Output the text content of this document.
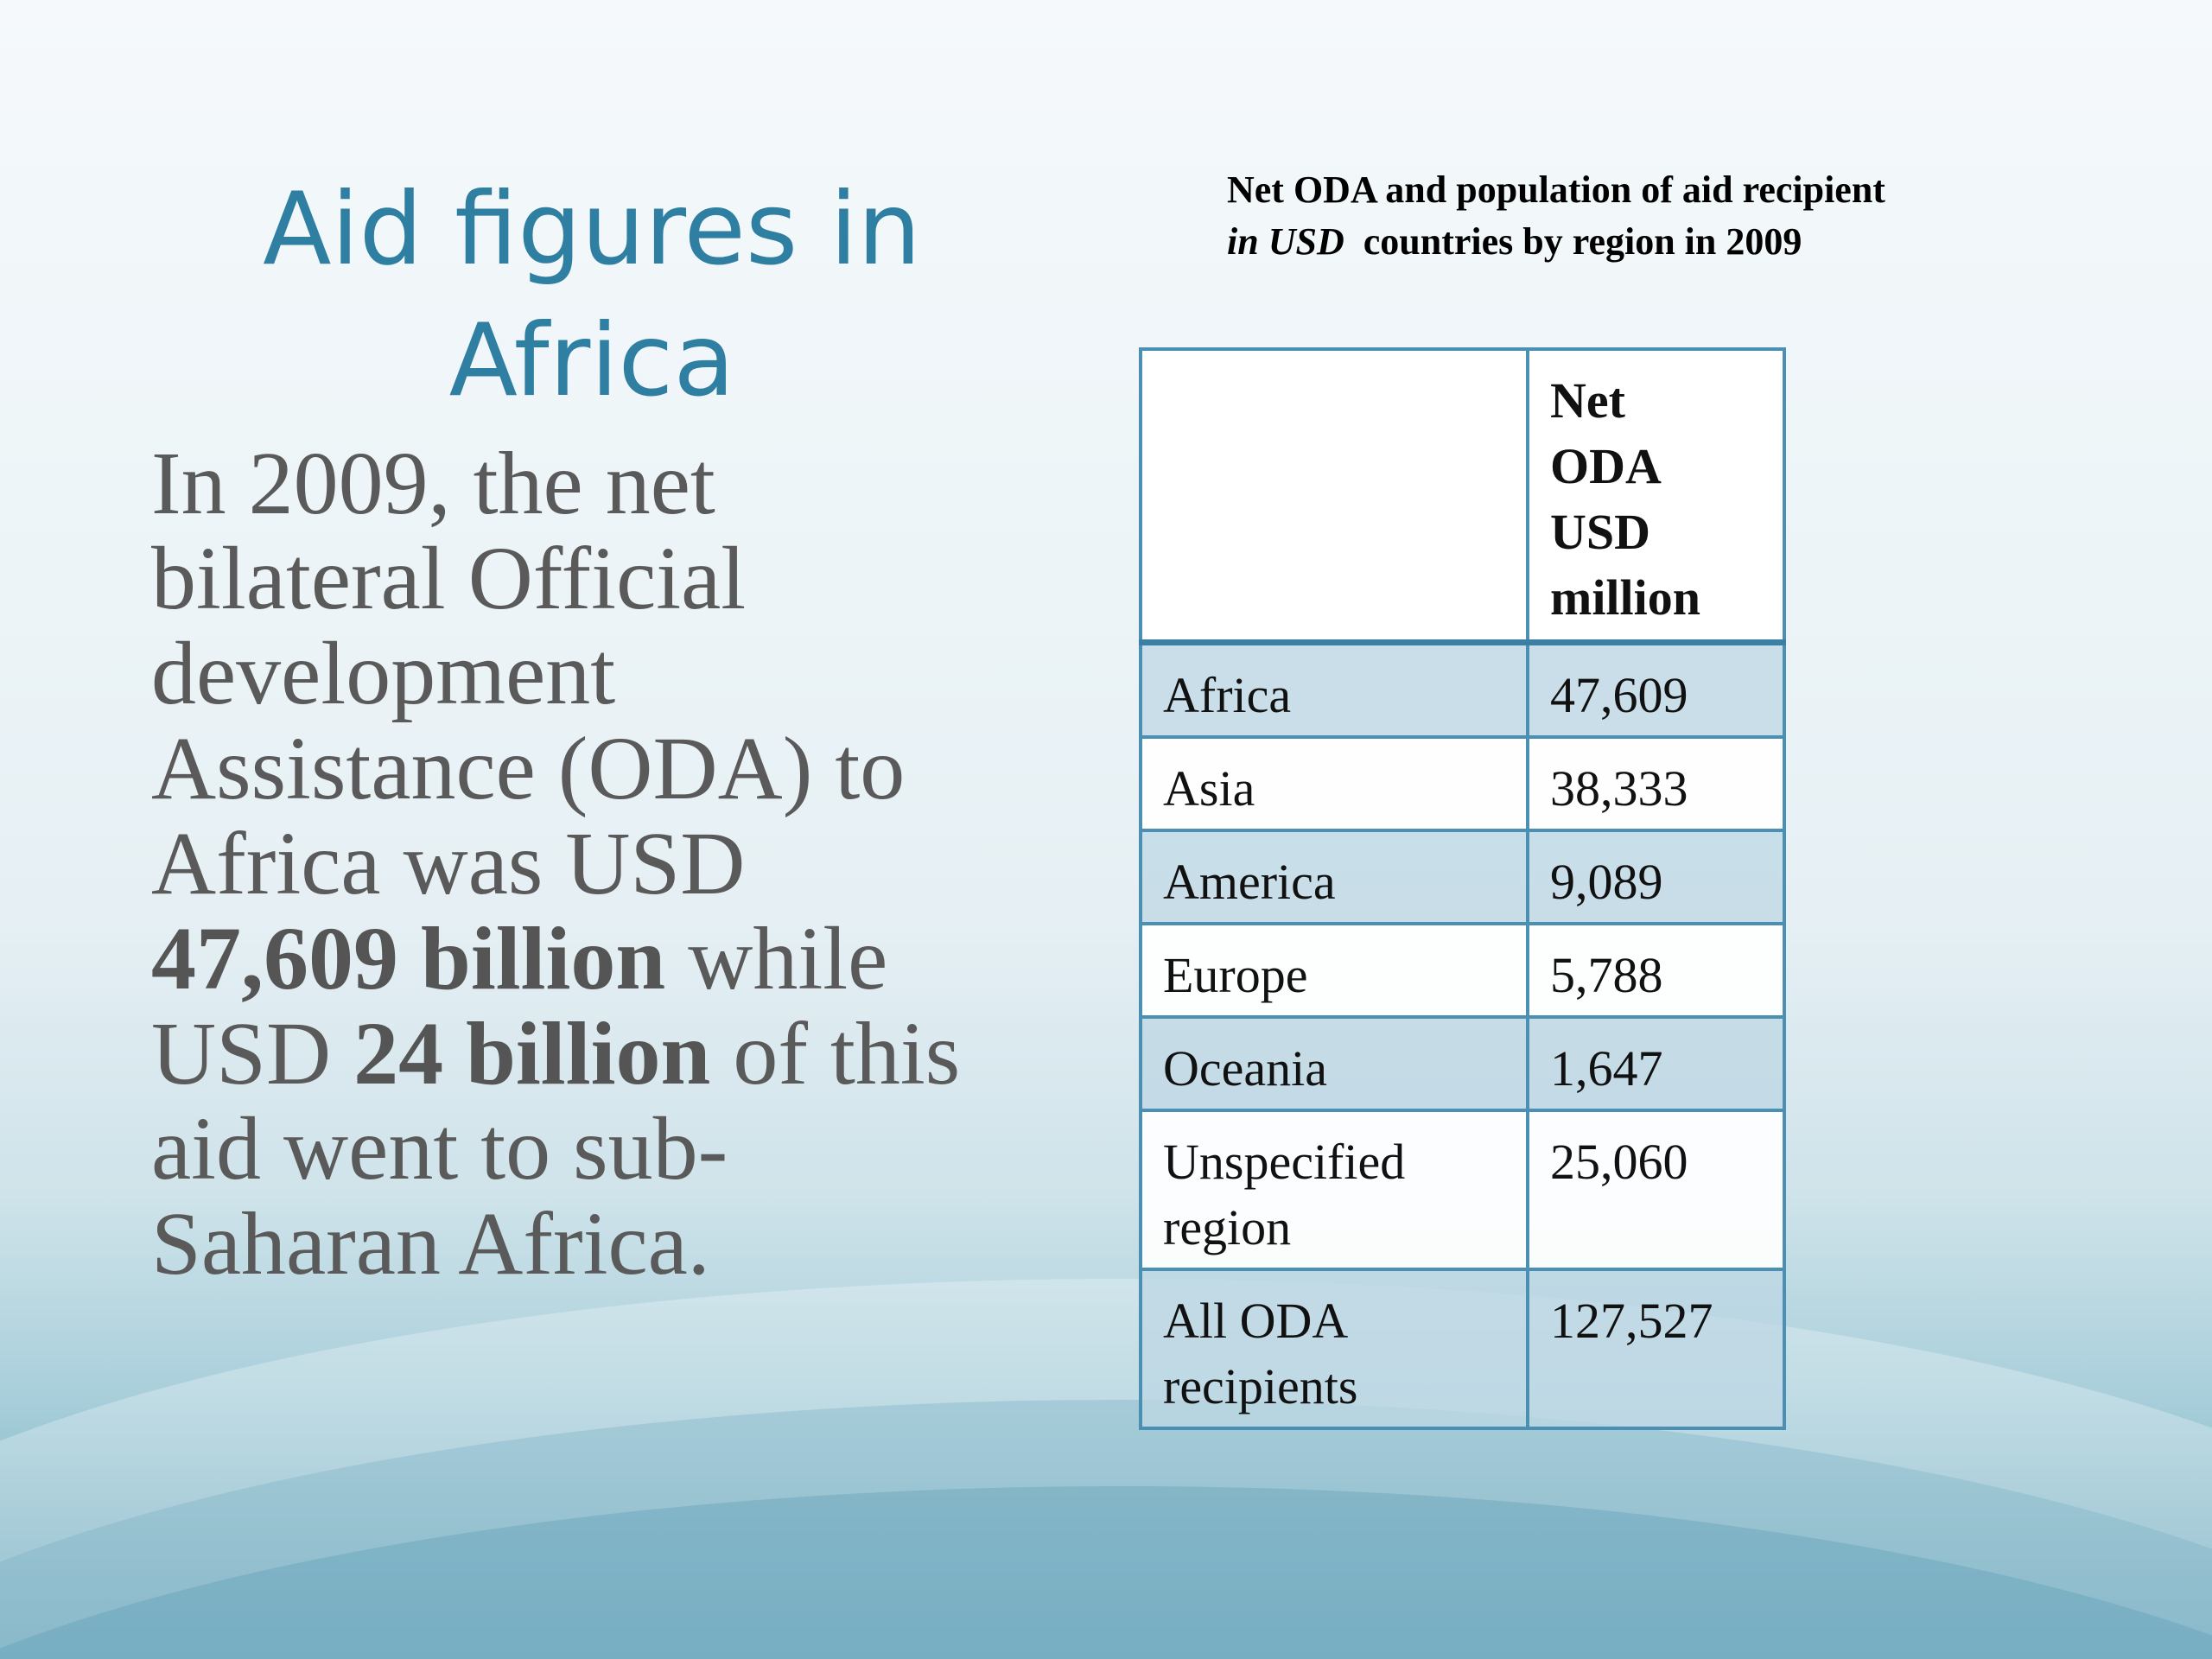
Aid figures in
Africa

In 2009, the net
bilateral Official
development
Assistance (ODA) to
Africa was USD
47,609 billion while
USD 24 billion of this
aid went to sub-
Saharan Africa.

Net ODA and population of aid recipient
in USD  countries by region in 2009
	Net
ODA
USD
million
Africa	47,609
Asia	38,333
America	9,089
Europe	5,788
Oceania	1,647
Unspecified
region	25,060
All ODA
recipients	127,527
